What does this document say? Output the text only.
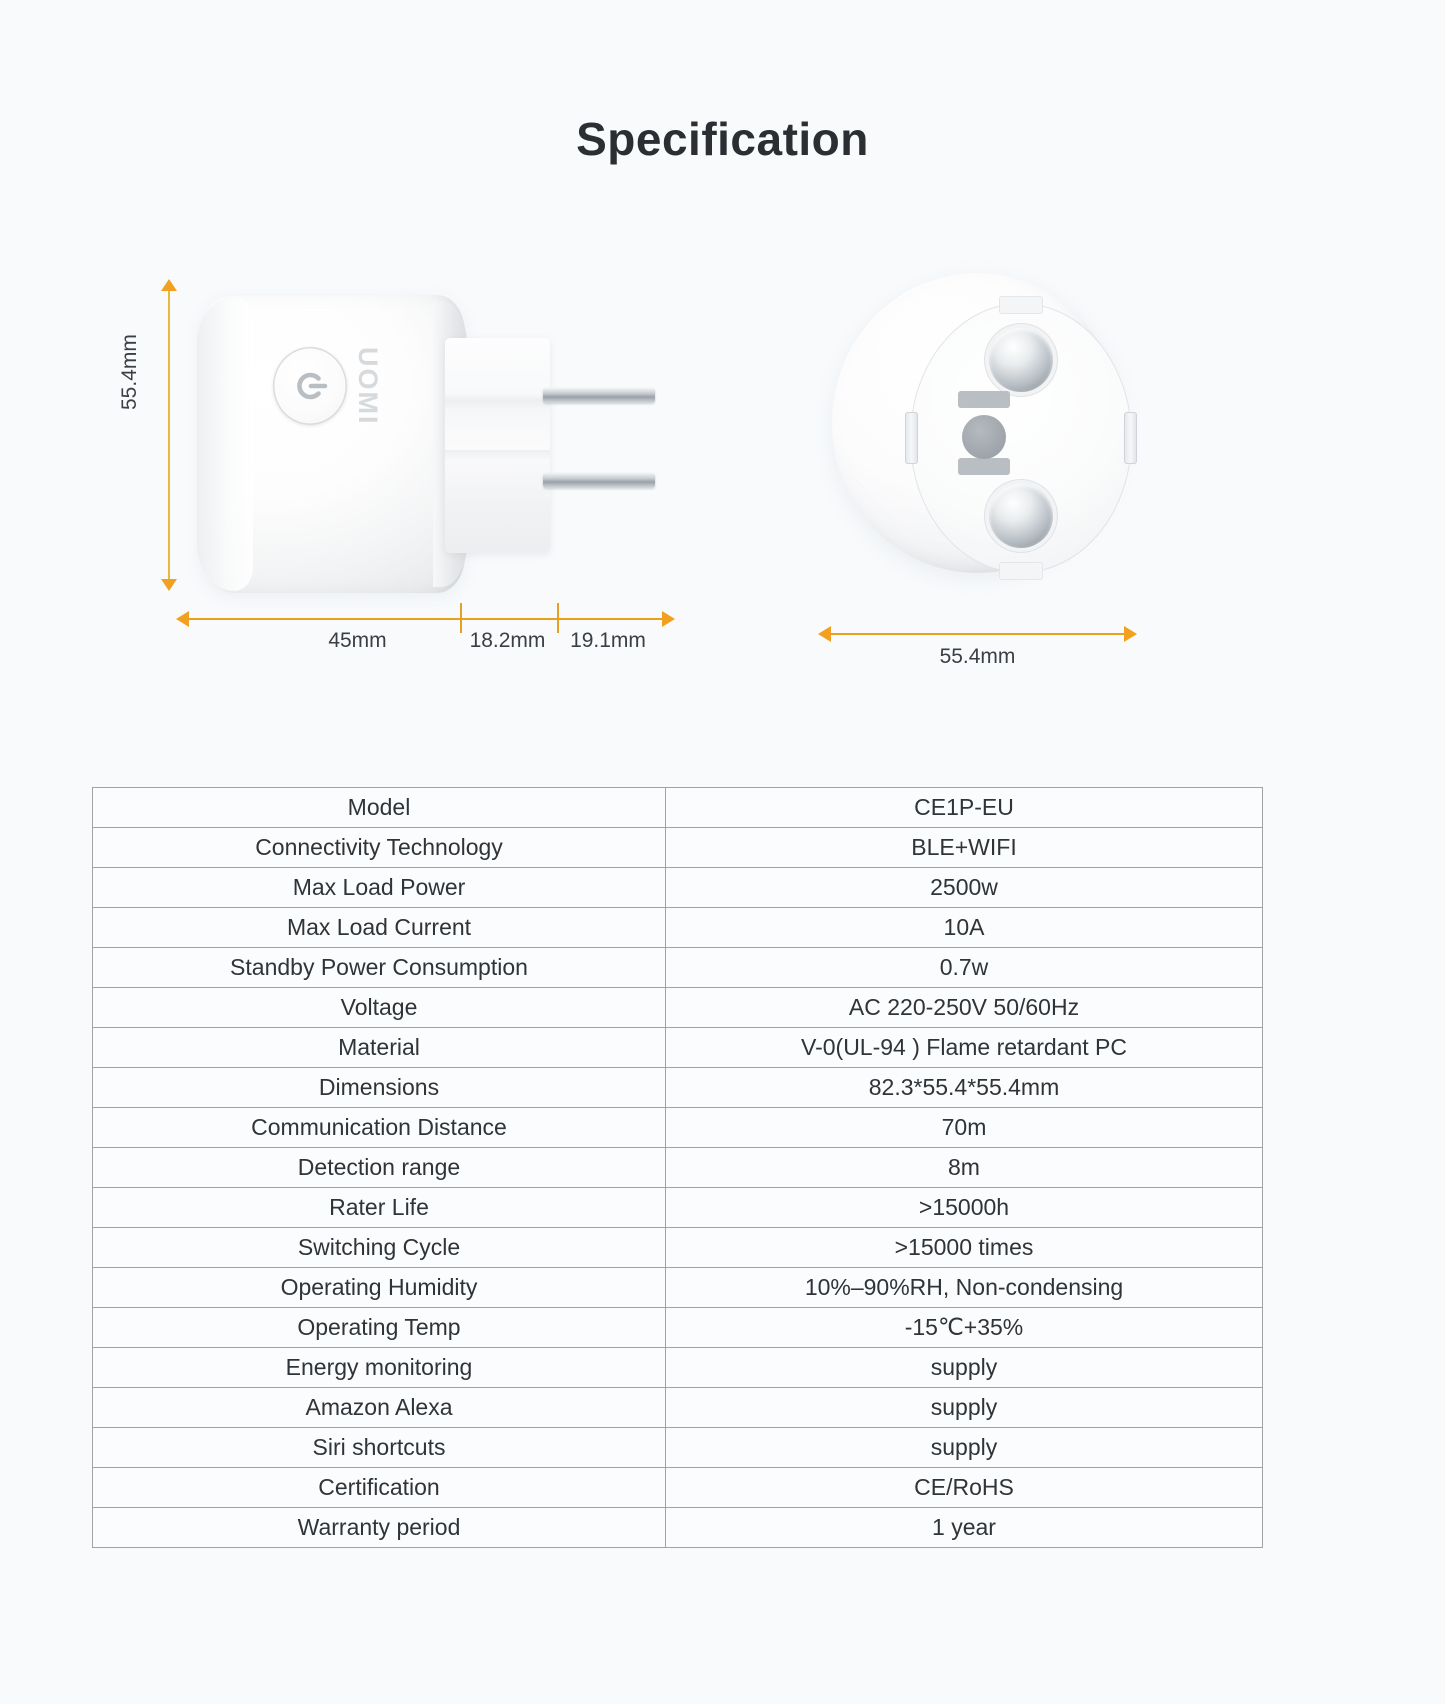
Specification
55.4mm	UOMI
45mm	18.2mm	19.1mm
55.4mm
Model	CE1P-EU
Connectivity Technology	BLE+WIFI
Max Load Power	2500w
Max Load Current	10A
Standby Power Consumption	0.7w
Voltage	AC 220-250V 50/60Hz
Material	V-0(UL-94 ) Flame retardant PC
Dimensions	82.3*55.4*55.4mm
Communication Distance	70m
Detection range	8m
Rater Life	>15000h
Switching Cycle	>15000 times
Operating Humidity	10%–90%RH, Non-condensing
Operating Temp	-15℃+35%
Energy monitoring	supply
Amazon Alexa	supply
Siri shortcuts	supply
Certification	CE/RoHS
Warranty period	1 year
